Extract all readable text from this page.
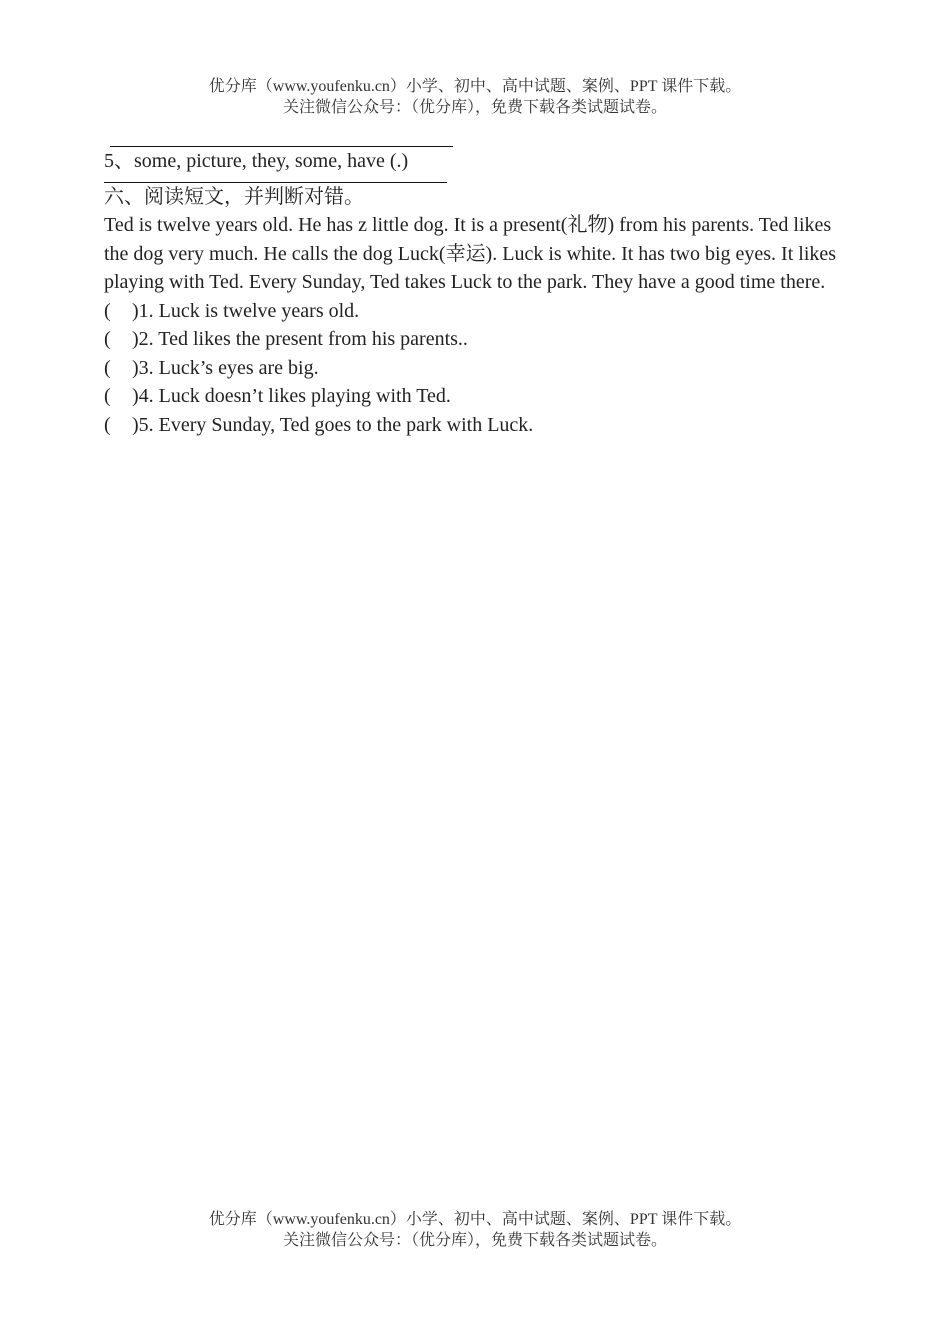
优分库（www.youfenku.cn）小学、初中、高中试题、案例、PPT 课件下载。
关注微信公众号：（优分库），免费下载各类试题试卷。
5、some, picture, they, some, have (.)
六、阅读短文，并判断对错。
Ted is twelve years old. He has z little dog. It is a present(礼物) from his parents. Ted likes the dog very much. He calls the dog Luck(幸运). Luck is white. It has two big eyes. It likes playing with Ted. Every Sunday, Ted takes Luck to the park. They have a good time there.
( )1. Luck is twelve years old.
( )2. Ted likes the present from his parents..
( )3. Luck’s eyes are big.
( )4. Luck doesn’t likes playing with Ted.
( )5. Every Sunday, Ted goes to the park with Luck.
优分库（www.youfenku.cn）小学、初中、高中试题、案例、PPT 课件下载。
关注微信公众号：（优分库），免费下载各类试题试卷。
